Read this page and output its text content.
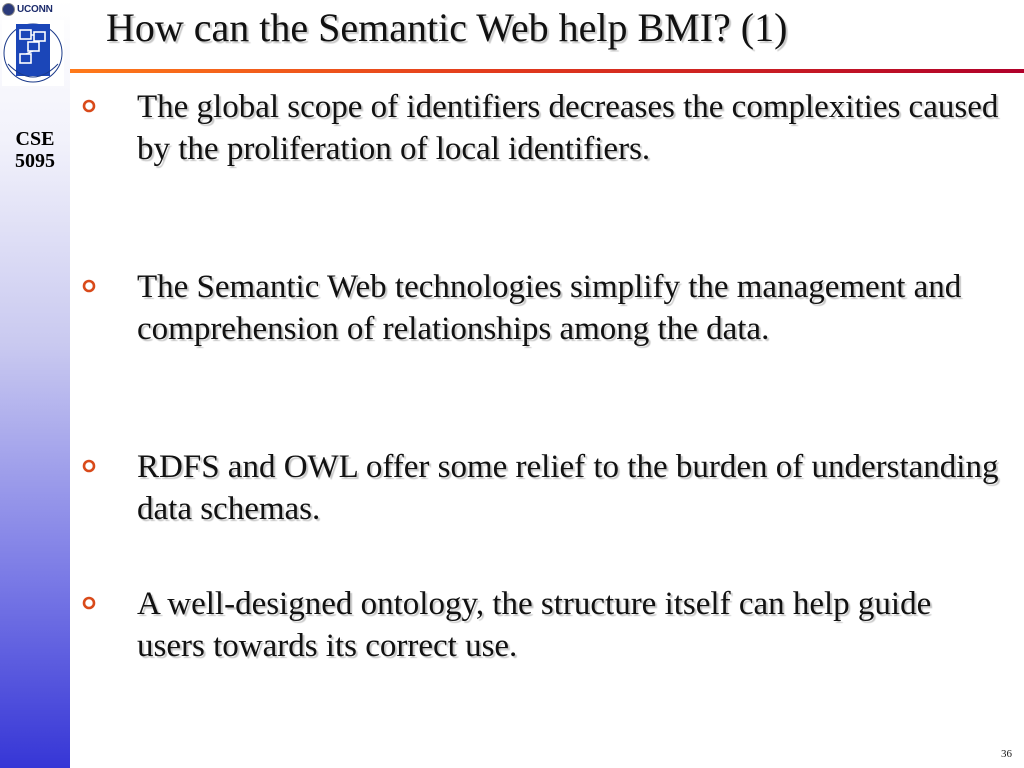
UCONN
CSE
5095
How can the Semantic Web help BMI? (1)
The global scope of identifiers decreases the complexities caused by the proliferation of local identifiers.
The Semantic Web technologies simplify the management and comprehension of relationships among the data.
RDFS and OWL offer some relief to the burden of understanding data schemas.
A well-designed ontology, the structure itself can help guide users towards its correct use.
36
